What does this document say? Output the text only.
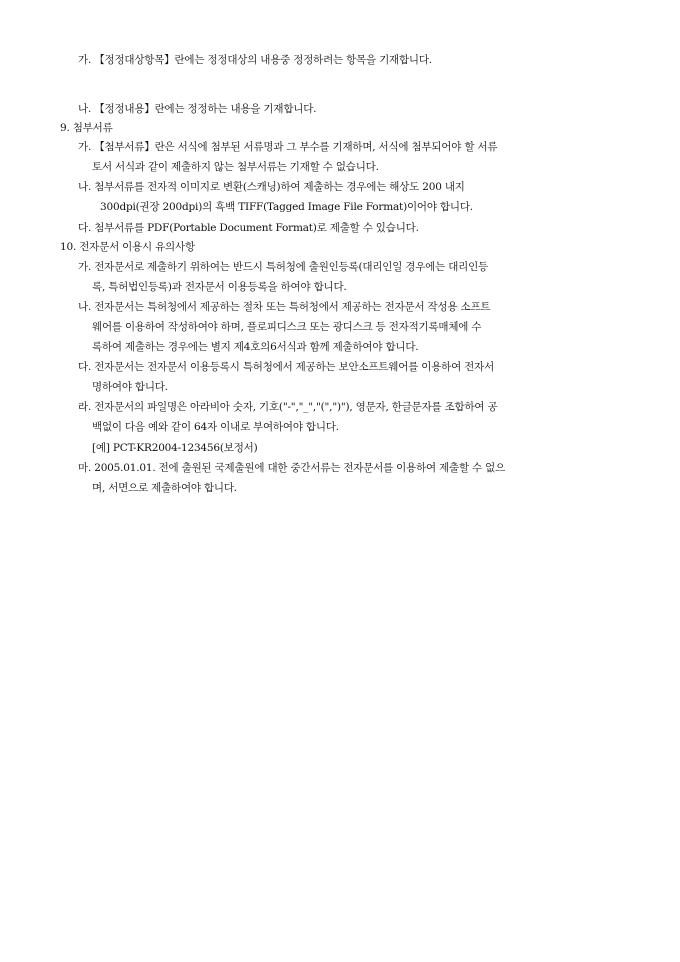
가. 【정정대상항목】란에는 정정대상의 내용중 정정하려는 항목을 기재합니다.
나. 【정정내용】란에는 정정하는 내용을 기재합니다.
9. 첨부서류
가. 【첨부서류】란은 서식에 첨부된 서류명과 그 부수를 기재하며, 서식에 첨부되어야 할 서류
토서 서식과 같이 제출하지 않는 첨부서류는 기재할 수 없습니다.
나. 첨부서류를 전자적 이미지로 변환(스캐닝)하여 제출하는 경우에는 해상도 200 내지
300dpi(권장 200dpi)의 흑백 TIFF(Tagged Image File Format)이어야 합니다.
다. 첨부서류를 PDF(Portable Document Format)로 제출할 수 있습니다.
10. 전자문서 이용시 유의사항
가. 전자문서로 제출하기 위하여는 반드시 특허청에 출원인등록(대리인일 경우에는 대리인등
록, 특허법인등록)과 전자문서 이용등록을 하여야 합니다.
나. 전자문서는 특허청에서 제공하는 절차 또는 특허청에서 제공하는 전자문서 작성용 소프트
웨어를 이용하여 작성하여야 하며, 플로피디스크 또는 광디스크 등 전자적기록매체에 수
록하여 제출하는 경우에는 별지 제4호의6서식과 함께 제출하여야 합니다.
다. 전자문서는 전자문서 이용등록시 특허청에서 제공하는 보안소프트웨어를 이용하여 전자서
명하여야 합니다.
라. 전자문서의 파일명은 아라비아 숫자, 기호("-","_","(",")"), 영문자, 한글문자를 조합하여 공
백없이 다음 예와 같이 64자 이내로 부여하여야 합니다.
[예] PCT-KR2004-123456(보정서)
마. 2005.01.01. 전에 출원된 국제출원에 대한 중간서류는 전자문서를 이용하여 제출할 수 없으
며, 서면으로 제출하여야 합니다.
